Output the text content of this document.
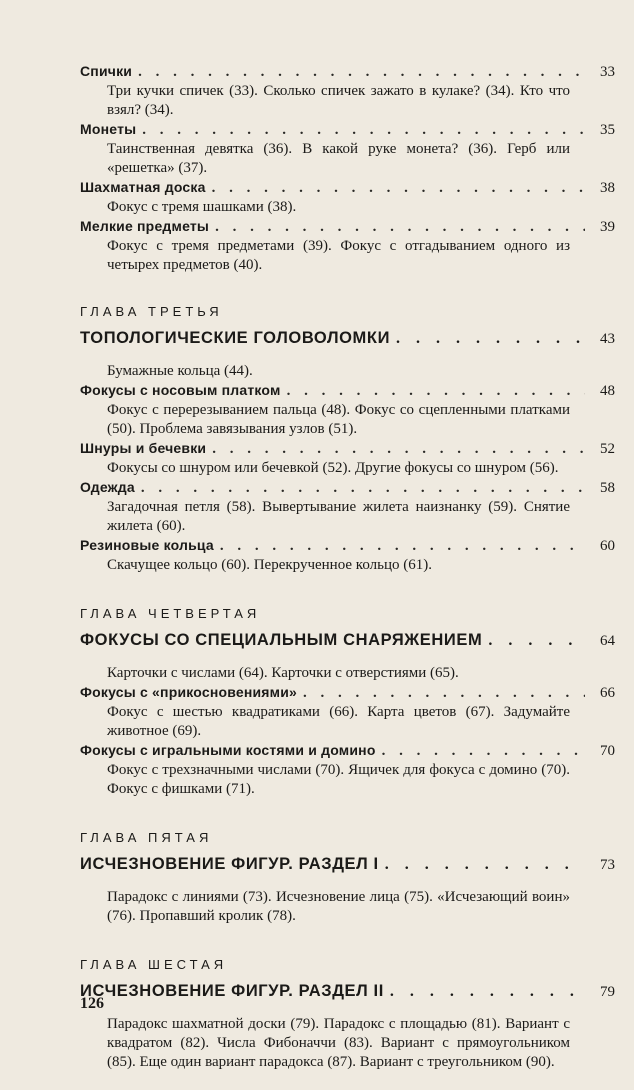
Спички . . .	33
Три кучки спичек (33). Сколько спичек зажато в кулаке? (34). Кто что взял? (34).
Монеты . . .	35
Таинственная девятка (36). В какой руке монета? (36). Герб или «решетка» (37).
Шахматная доска . . .	38
Фокус с тремя шашками (38).
Мелкие предметы . . .	39
Фокус с тремя предметами (39). Фокус с отгадыванием одного из четырех предметов (40).
ГЛАВА ТРЕТЬЯ
ТОПОЛОГИЧЕСКИЕ ГОЛОВОЛОМКИ . . .	43
Бумажные кольца (44).
Фокусы с носовым платком . . .	48
Фокус с перерезыванием пальца (48). Фокус со сцепленными платками (50). Проблема завязывания узлов (51).
Шнуры и бечевки . . .	52
Фокусы со шнуром или бечевкой (52). Другие фокусы со шнуром (56).
Одежда . . .	58
Загадочная петля (58). Вывертывание жилета наизнанку (59). Снятие жилета (60).
Резиновые кольца . . .	60
Скачущее кольцо (60). Перекрученное кольцо (61).
ГЛАВА ЧЕТВЕРТАЯ
ФОКУСЫ СО СПЕЦИАЛЬНЫМ СНАРЯЖЕНИЕМ . . .	64
Карточки с числами (64). Карточки с отверстиями (65).
Фокусы с «прикосновениями» . . .	66
Фокус с шестью квадратиками (66). Карта цветов (67). Задумайте животное (69).
Фокусы с игральными костями и домино . . .	70
Фокус с трехзначными числами (70). Ящичек для фокуса с домино (70). Фокус с фишками (71).
ГЛАВА ПЯТАЯ
ИСЧЕЗНОВЕНИЕ ФИГУР. РАЗДЕЛ I . . .	73
Парадокс с линиями (73). Исчезновение лица (75). «Исчезающий воин» (76). Пропавший кролик (78).
ГЛАВА ШЕСТАЯ
ИСЧЕЗНОВЕНИЕ ФИГУР. РАЗДЕЛ II . . .	79
Парадокс шахматной доски (79). Парадокс с площадью (81). Вариант с квадратом (82). Числа Фибоначчи (83). Вариант с прямоугольником (85). Еще один вариант парадокса (87). Вариант с треугольником (90).
126
